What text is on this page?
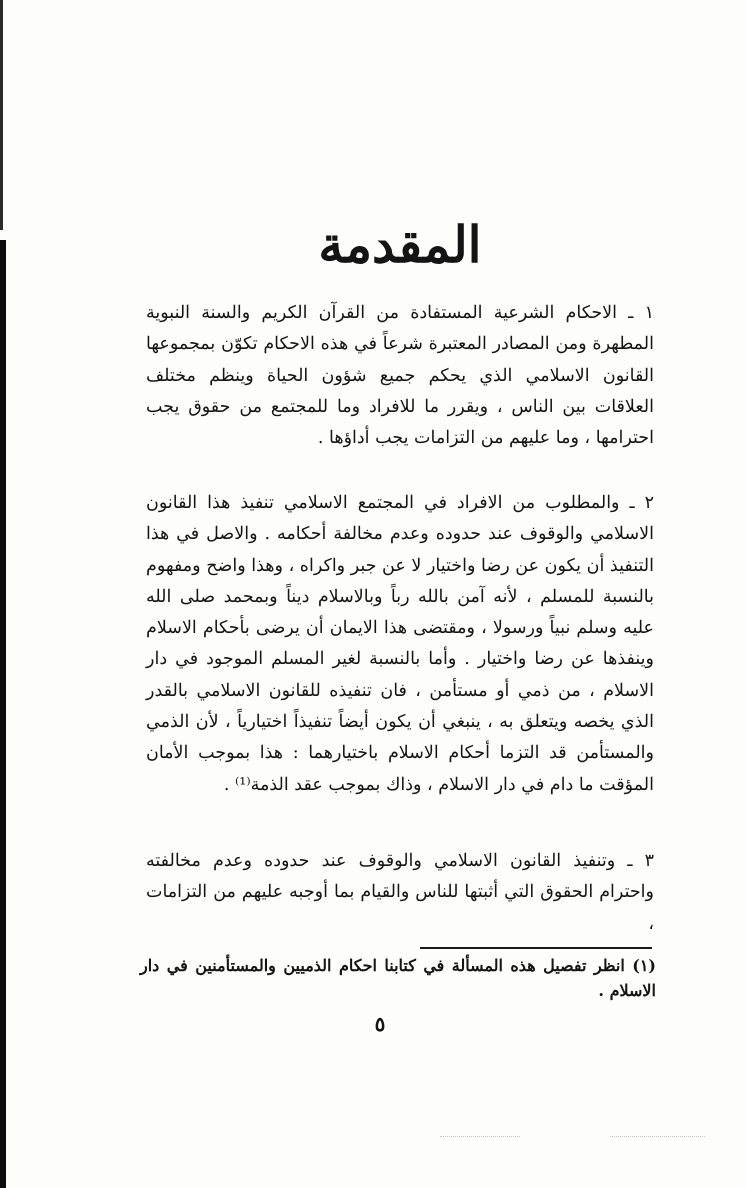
المقدمة

١ ـ الاحكام الشرعية المستفادة من القرآن الكريم والسنة النبوية المطهرة ومن المصادر المعتبرة شرعاً في هذه الاحكام تكوّن بمجموعها القانون الاسلامي الذي يحكم جميع شؤون الحياة وينظم مختلف العلاقات بين الناس ، ويقرر ما للافراد وما للمجتمع من حقوق يجب احترامها ، وما عليهم من التزامات يجب أداؤها .

٢ ـ والمطلوب من الافراد في المجتمع الاسلامي تنفيذ هذا القانون الاسلامي والوقوف عند حدوده وعدم مخالفة أحكامه . والاصل في هذا التنفيذ أن يكون عن رضا واختيار لا عن جبر واكراه ، وهذا واضح ومفهوم بالنسبة للمسلم ، لأنه آمن بالله رباً وبالاسلام ديناً وبمحمد صلى الله عليه وسلم نبياً ورسولا ، ومقتضى هذا الايمان أن يرضى بأحكام الاسلام وينفذها عن رضا واختيار . وأما بالنسبة لغير المسلم الموجود في دار الاسلام ، من ذمي أو مستأمن ، فان تنفيذه للقانون الاسلامي بالقدر الذي يخصه ويتعلق به ، ينبغي أن يكون أيضاً تنفيذاً اختيارياً ، لأن الذمي والمستأمن قد التزما أحكام الاسلام باختيارهما : هذا بموجب الأمان المؤقت ما دام في دار الاسلام ، وذاك بموجب عقد الذمة⁽¹⁾ .

٣ ـ وتنفيذ القانون الاسلامي والوقوف عند حدوده وعدم مخالفته واحترام الحقوق التي أثبتها للناس والقيام بما أوجبه عليهم من التزامات ،

(١) انظر تفصيل هذه المسألة في كتابنا احكام الذميين والمستأمنين في دار الاسلام .
٥
